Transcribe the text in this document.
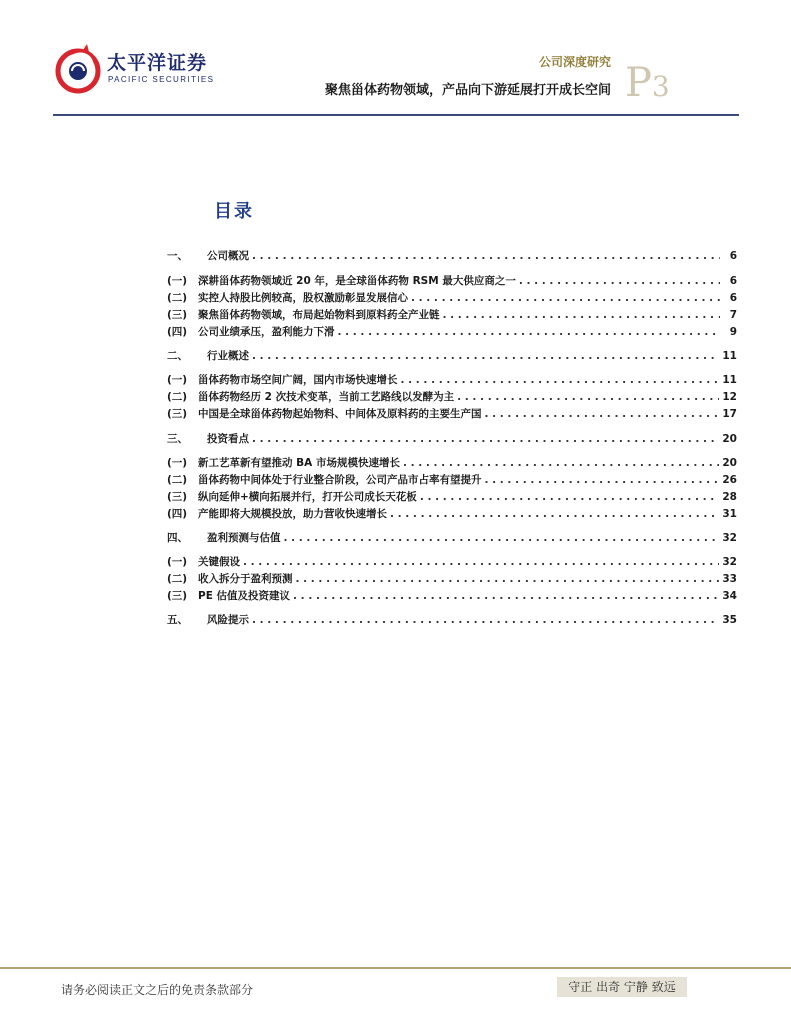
太平洋证券
PACIFIC SECURITIES
公司深度研究
聚焦甾体药物领域，产品向下游延展打开成长空间 P3
目录
一、	公司概况 . . .	6
(一)	深耕甾体药物领域近 20 年，是全球甾体药物 RSM 最大供应商之一 . . .	6
(二)	实控人持股比例较高，股权激励彰显发展信心 . . .	6
(三)	聚焦甾体药物领域，布局起始物料到原料药全产业链 . . .	7
(四)	公司业绩承压，盈利能力下滑 . . .	9
二、	行业概述 . . .	11
(一)	甾体药物市场空间广阔，国内市场快速增长 . . .	11
(二)	甾体药物经历 2 次技术变革，当前工艺路线以发酵为主 . . .	12
(三)	中国是全球甾体药物起始物料、中间体及原料药的主要生产国 . . .	17
三、	投资看点 . . .	20
(一)	新工艺革新有望推动 BA 市场规模快速增长 . . .	20
(二)	甾体药物中间体处于行业整合阶段，公司产品市占率有望提升 . . .	26
(三)	纵向延伸+横向拓展并行，打开公司成长天花板 . . .	28
(四)	产能即将大规模投放，助力营收快速增长 . . .	31
四、	盈利预测与估值 . . .	32
(一)	关键假设 . . .	32
(二)	收入拆分于盈利预测 . . .	33
(三)	PE 估值及投资建议 . . .	34
五、	风险提示 . . .	35
请务必阅读正文之后的免责条款部分	守正 出奇 宁静 致远
